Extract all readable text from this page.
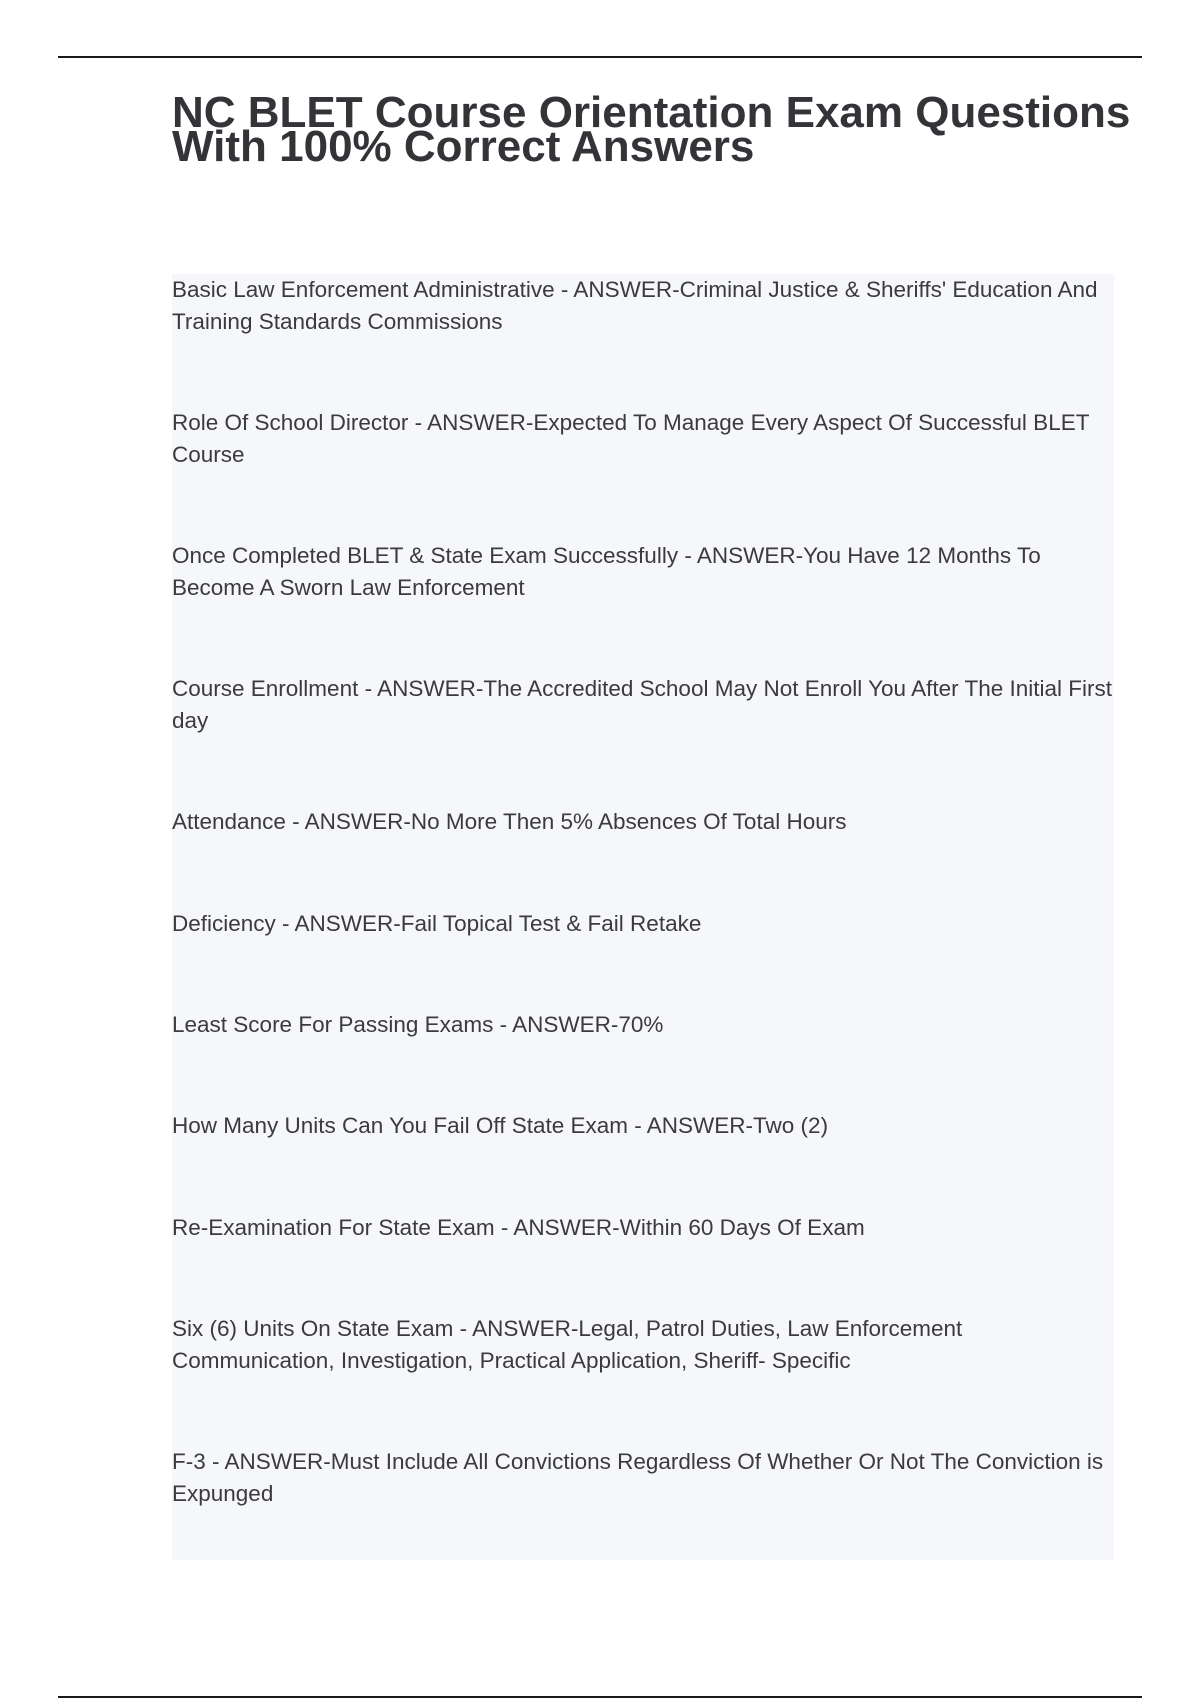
NC BLET Course Orientation Exam Questions With 100% Correct Answers

Basic Law Enforcement Administrative - ANSWER-Criminal Justice & Sheriffs' Education And Training Standards Commissions

Role Of School Director - ANSWER-Expected To Manage Every Aspect Of Successful BLET Course

Once Completed BLET & State Exam Successfully - ANSWER-You Have 12 Months To Become A Sworn Law Enforcement

Course Enrollment - ANSWER-The Accredited School May Not Enroll You After The Initial First day

Attendance - ANSWER-No More Then 5% Absences Of Total Hours

Deficiency - ANSWER-Fail Topical Test & Fail Retake

Least Score For Passing Exams - ANSWER-70%

How Many Units Can You Fail Off State Exam - ANSWER-Two (2)

Re-Examination For State Exam - ANSWER-Within 60 Days Of Exam

Six (6) Units On State Exam - ANSWER-Legal, Patrol Duties, Law Enforcement Communication, Investigation, Practical Application, Sheriff- Specific

F-3 - ANSWER-Must Include All Convictions Regardless Of Whether Or Not The Conviction is Expunged
